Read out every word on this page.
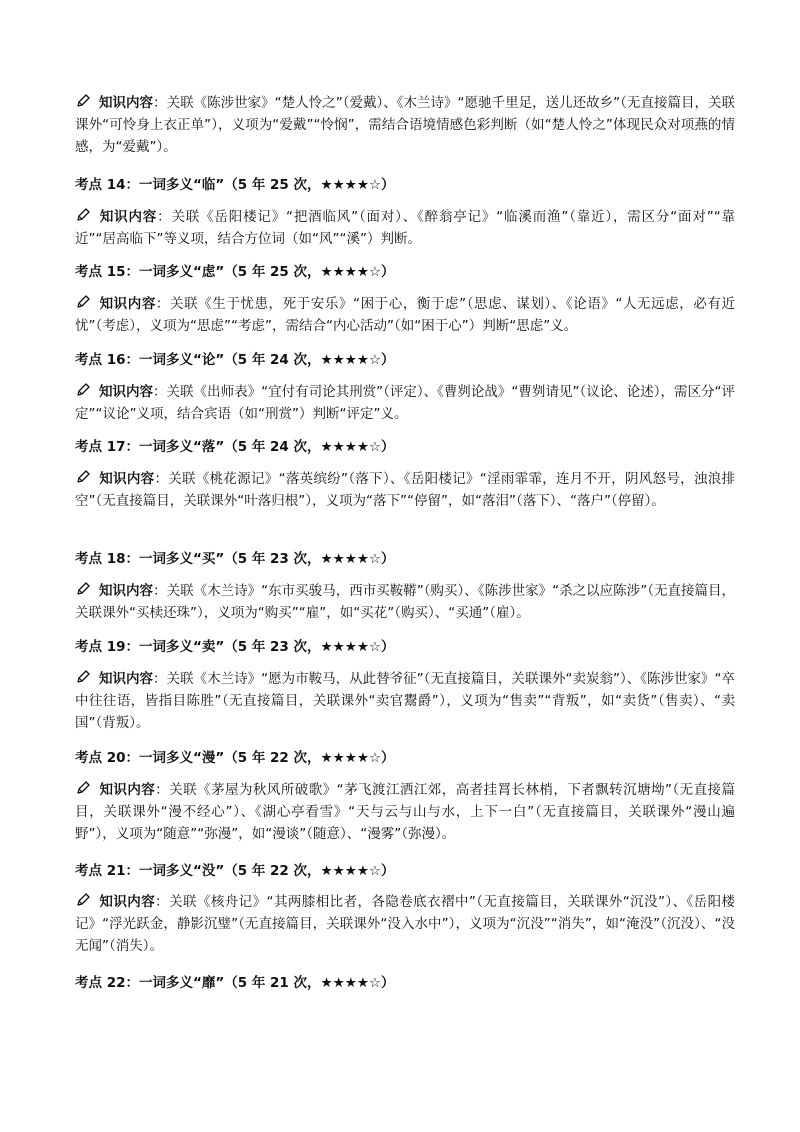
知识内容：关联《陈涉世家》“楚人怜之”（爱戴）、《木兰诗》“愿驰千里足，送儿还故乡”（无直接篇目，关联课外“可怜身上衣正单”），义项为“爱戴”“怜悯”，需结合语境情感色彩判断（如“楚人怜之”体现民众对项燕的情感，为“爱戴”）。
考点 14：一词多义“临”（5 年 25 次，★★★★☆）
知识内容：关联《岳阳楼记》“把酒临风”（面对）、《醉翁亭记》“临溪而渔”（靠近），需区分“面对”“靠近”“居高临下”等义项，结合方位词（如“风”“溪”）判断。
考点 15：一词多义“虑”（5 年 25 次，★★★★☆）
知识内容：关联《生于忧患，死于安乐》“困于心，衡于虑”（思虑、谋划）、《论语》“人无远虑，必有近忧”（考虑），义项为“思虑”“考虑”，需结合“内心活动”（如“困于心”）判断“思虑”义。
考点 16：一词多义“论”（5 年 24 次，★★★★☆）
知识内容：关联《出师表》“宜付有司论其刑赏”（评定）、《曹刿论战》“曹刿请见”（议论、论述），需区分“评定”“议论”义项，结合宾语（如“刑赏”）判断“评定”义。
考点 17：一词多义“落”（5 年 24 次，★★★★☆）
知识内容：关联《桃花源记》“落英缤纷”（落下）、《岳阳楼记》“淫雨霏霏，连月不开，阴风怒号，浊浪排空”（无直接篇目，关联课外“叶落归根”），义项为“落下”“停留”，如“落泪”（落下）、“落户”（停留）。
考点 18：一词多义“买”（5 年 23 次，★★★★☆）
知识内容：关联《木兰诗》“东市买骏马，西市买鞍鞯”（购买）、《陈涉世家》“杀之以应陈涉”（无直接篇目，关联课外“买椟还珠”），义项为“购买”“雇”，如“买花”（购买）、“买通”（雇）。
考点 19：一词多义“卖”（5 年 23 次，★★★★☆）
知识内容：关联《木兰诗》“愿为市鞍马，从此替爷征”（无直接篇目，关联课外“卖炭翁”）、《陈涉世家》“卒中往往语，皆指目陈胜”（无直接篇目，关联课外“卖官鬻爵”），义项为“售卖”“背叛”，如“卖货”（售卖）、“卖国”（背叛）。
考点 20：一词多义“漫”（5 年 22 次，★★★★☆）
知识内容：关联《茅屋为秋风所破歌》“茅飞渡江洒江郊，高者挂罥长林梢，下者飘转沉塘坳”（无直接篇目，关联课外“漫不经心”）、《湖心亭看雪》“天与云与山与水，上下一白”（无直接篇目，关联课外“漫山遍野”），义项为“随意”“弥漫”，如“漫谈”（随意）、“漫雾”（弥漫）。
考点 21：一词多义“没”（5 年 22 次，★★★★☆）
知识内容：关联《核舟记》“其两膝相比者，各隐卷底衣褶中”（无直接篇目，关联课外“沉没”）、《岳阳楼记》“浮光跃金，静影沉璧”（无直接篇目，关联课外“没入水中”），义项为“沉没”“消失”，如“淹没”（沉没）、“没无闻”（消失）。
考点 22：一词多义“靡”（5 年 21 次，★★★★☆）
